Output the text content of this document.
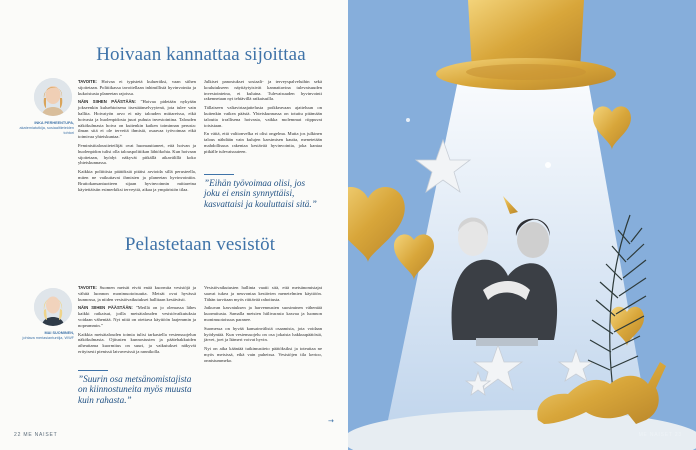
Hoivaan kannattaa sijoittaa
INKA PERHEENTUPA,
akatemiatutkija, sosiaalitieteiden tohtori

TAVOITE: Hoivaa ei typistetä kulueräksi, vaan siihen sijoitetaan. Politiikassa tavoitellaan inhimillistä hyvinvointia ja kukoistusta planeetan rajoissa.

NÄIN SIIHEN PÄÄSTÄÄN: ”Hoivaa pidetään nykyään jokseenkin kuluehtoisena itsestäänselvyytenä, jota tulee vain hallita. Hoivatyön arvo ei näy talouden mittareissa, eikä hoivasta ja huolenpidosta juuri puhuta investointina. Talouden näkökulmasta hoiva on kuitenkin kaiken toiminnan perusta: ilman sitä ei ole terveitä ihmisiä, osaavaa työvoimaa eikä toimivaa yhteiskuntaa.”

Feministitaloustieteilijät ovat huomauttaneet, että hoivan ja huolenpidon tulisi olla talouspolitiikan lähtökohta. Kun hoivaan sijoitetaan, hyödyt näkyvät pitkällä aikavälillä koko yhteiskunnassa.

Kaikkia poliittisia päätöksiä pitäisi arvioida sillä perusteella, miten ne vaikuttavat ihmisten ja planeetan hyvinvointiin. Bruttokansantuotteen sijaan hyvinvoinnin mittareina käytettäisiin esimerkiksi terveyttä, aikaa ja ympäristön tilaa.

Julkiset panostukset sosiaali- ja terveyspalveluihin sekä koulutukseen näyttäytyisivät kannattavina tulevaisuuden investointeina, ei kuluina. Tulevaisuuden hyvinvointi rakennetaan nyt tehtävillä ratkaisuilla.

Tällaiseen valtavirtaajattelusta poikkeavaan ajatteluun on kuitenkin vaikea päästä. Yhteiskunnassa on totuttu pitämään taloutta irrallisena hoivasta, vaikka molemmat riippuvat toisistaan.

En väitä, että valtionvelka ei olisi ongelma. Mutta jos julkinen talous nähdään vain kulujen karsimisen kautta, menetetään mahdollisuus rakentaa kestävää hyvinvointia, joka kantaa pitkälle tulevaisuuteen.

”Eihän työvoimaa olisi, jos joku ei ensin synnyttäisi, kasvattaisi ja kouluttaisi sitä.”
Pelastetaan vesistöt
MAI SUOMINEN,
johtava meriasiantuntija, WWF

TAVOITE: Suomen metsät eivät enää kuormita vesistöjä ja vähitä luonnon monimuotoisuutta. Metsät ovat hyvässä kunnossa, ja niiden vesistövaikutukset hallitaan kestävästi.

NÄIN SIIHEN PÄÄSTÄÄN: ”Meillä on jo olemassa lähes kaikki ratkaisut, joilla metsätalouden vesistövaikutuksia voidaan vähentää. Nyt niitä on otettava käyttöön laajemmin ja nopeammin.”

Kaikkia metsätalouden toimia tulisi tarkastella vesiensuojelun näkökulmasta. Ojitusten kunnostusten ja päätehakkuiden aiheuttama kuormitus on suuri, ja vaikutukset näkyvät erityisesti pienissä latvavesissä ja rannikolla.

”Suurin osa metsänomistajista on kiinnostuneita myös muusta kuin rahasta.”

Vesistövaikutusten hallinta vaatii sitä, että metsänomistajat saavat tukea ja neuvontaa kestävien menetelmien käyttöön. Tähän tarvitaan myös riittävää rahoitusta.

Jatkuvan kasvatuksen ja harvennusten suosiminen vähentää kuormitusta. Samalla metsien hiilivarasto kasvaa ja luonnon monimuotoisuus paranee.

Suomessa on hyvää kansainvälistä osaamista, jota voidaan hyödyntää. Kun vesiensuojelu on osa jokaista hakkuupäätöstä, järvet, joet ja Itämeri voivat hyvin.

Nyt on aika kääntää tutkimustieto päätöksiksi ja toteuttaa ne myös metsissä, eikä vain puheissa. Vesistöjen tila kertoo, onnistummeko.

→
22 ME NAISET	ME NAISET 23
